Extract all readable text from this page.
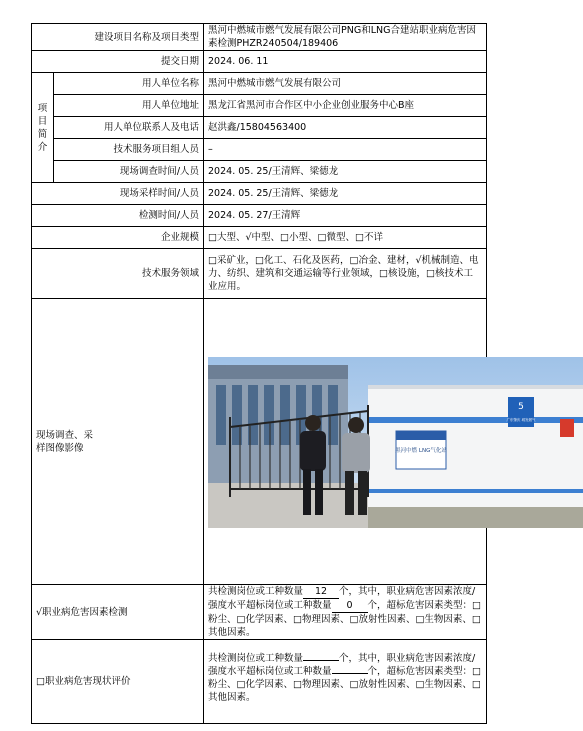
建设项目名称及项目类型		黑河中燃城市燃气发展有限公司PNG和LNG合建站职业病危害因素检测PHZR240504/189406
提交日期		2024. 06. 11
项目简介	用人单位名称	黑河中燃城市燃气发展有限公司
	用人单位地址	黑龙江省黑河市合作区中小企业创业服务中心B座
	用人单位联系人及电话	赵洪鑫/15804563400
	技术服务项目组人员	–
	现场调查时间/人员	2024. 05. 25/王清辉、梁德龙
现场采样时间/人员		2024. 05. 25/王清辉、梁德龙
检测时间/人员		2024. 05. 27/王清辉
企业规模		□大型、√中型、□小型、□微型、□不详
技术服务领域		□采矿业，□化工、石化及医药，□冶金、建材，√机械制造、电力、纺织、建筑和交通运输等行业领域，□核设施，□核技术工业应用。

现场调查、采样图像影像		黑河中燃 LNG气化站
5
广东肇庆 城发燃气

√职业病危害因素检测		共检测岗位或工种数量 12 个，其中，职业病危害因素浓度/强度水平超标岗位或工种数量 0 个，超标危害因素类型：□粉尘、□化学因素、□物理因素、□放射性因素、□生物因素、□其他因素。
□职业病危害现状评价		共检测岗位或工种数量 个，其中，职业病危害因素浓度/强度水平超标岗位或工种数量 个，超标危害因素类型：□粉尘、□化学因素、□物理因素、□放射性因素、□生物因素、□其他因素。
